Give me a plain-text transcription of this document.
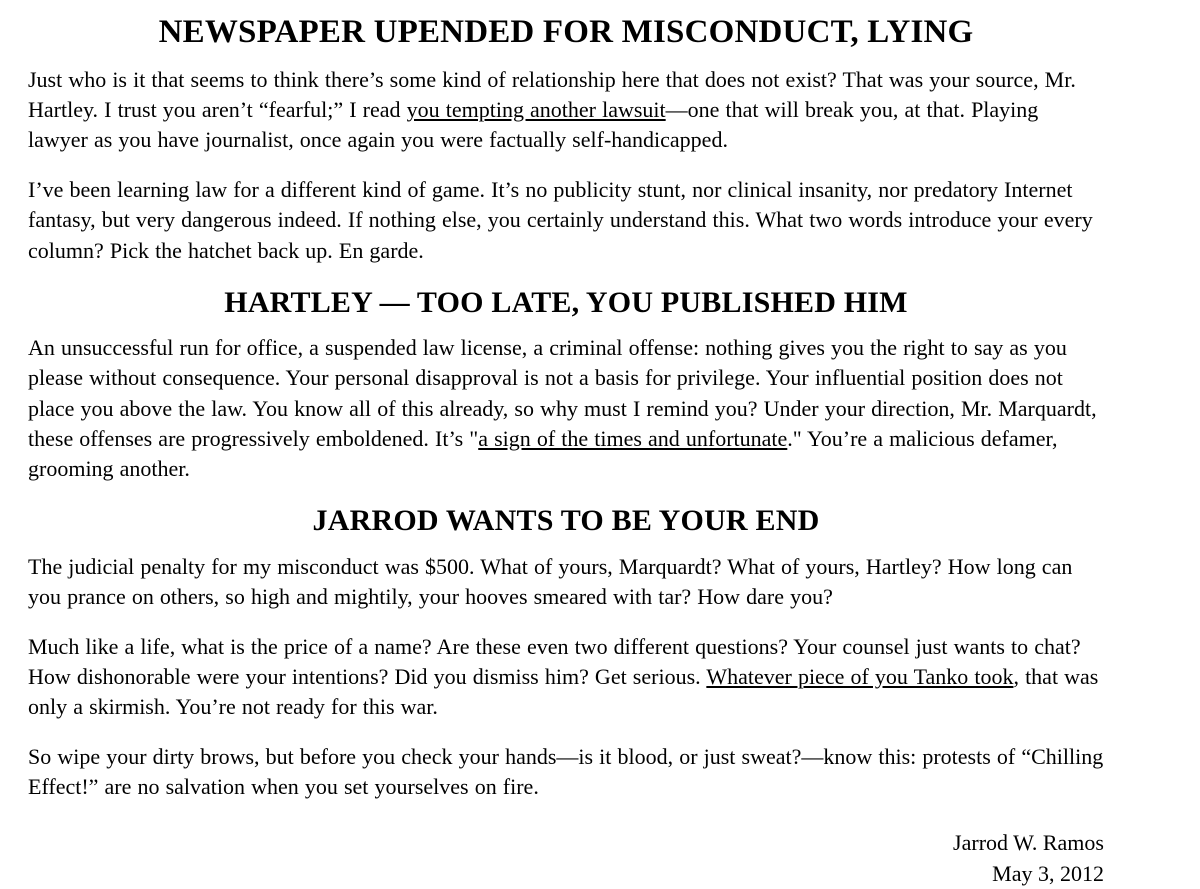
NEWSPAPER UPENDED FOR MISCONDUCT, LYING

Just who is it that seems to think there’s some kind of relationship here that does not exist? That was your source, Mr. Hartley. I trust you aren’t “fearful;” I read you tempting another lawsuit—one that will break you, at that. Playing lawyer as you have journalist, once again you were factually self-handicapped.

I’ve been learning law for a different kind of game. It’s no publicity stunt, nor clinical insanity, nor predatory Internet fantasy, but very dangerous indeed. If nothing else, you certainly understand this. What two words introduce your every column? Pick the hatchet back up. En garde.

HARTLEY — TOO LATE, YOU PUBLISHED HIM

An unsuccessful run for office, a suspended law license, a criminal offense: nothing gives you the right to say as you please without consequence. Your personal disapproval is not a basis for privilege. Your influential position does not place you above the law. You know all of this already, so why must I remind you? Under your direction, Mr. Marquardt, these offenses are progressively emboldened. It’s "a sign of the times and unfortunate." You’re a malicious defamer, grooming another.

JARROD WANTS TO BE YOUR END

The judicial penalty for my misconduct was $500. What of yours, Marquardt? What of yours, Hartley? How long can you prance on others, so high and mightily, your hooves smeared with tar? How dare you?

Much like a life, what is the price of a name? Are these even two different questions? Your counsel just wants to chat? How dishonorable were your intentions? Did you dismiss him? Get serious. Whatever piece of you Tanko took, that was only a skirmish. You’re not ready for this war.

So wipe your dirty brows, but before you check your hands—is it blood, or just sweat?—know this: protests of “Chilling Effect!” are no salvation when you set yourselves on fire.

Jarrod W. Ramos
May 3, 2012
